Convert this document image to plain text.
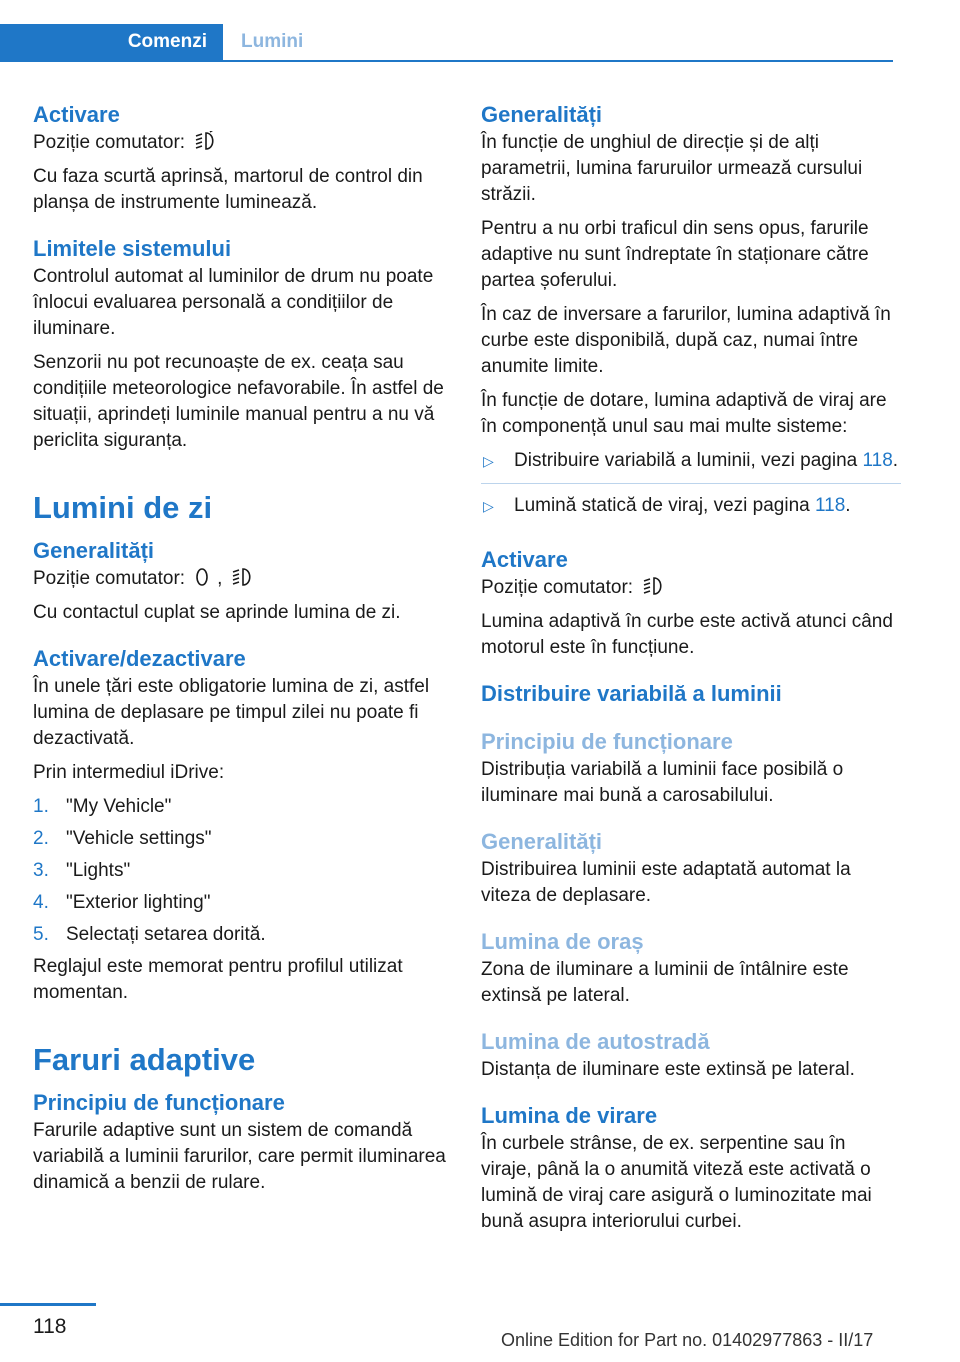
Comenzi	Lumini
Activare

Poziție comutator:

Cu faza scurtă aprinsă, martorul de control din planșa de instrumente luminează.

Limitele sistemului

Controlul automat al luminilor de drum nu poate înlocui evaluarea personală a condițiilor de iluminare.

Senzorii nu pot recunoaște de ex. ceața sau condițiile meteorologice nefavorabile. În astfel de situații, aprindeți luminile manual pentru a nu vă periclita siguranța.

Lumini de zi
Generalități

Poziție comutator: ,

Cu contactul cuplat se aprinde lumina de zi.

Activare/dezactivare

În unele țări este obligatorie lumina de zi, astfel lumina de deplasare pe timpul zilei nu poate fi dezactivată.

Prin intermediul iDrive:

1. "My Vehicle"
2. "Vehicle settings"
3. "Lights"
4. "Exterior lighting"
5. Selectați setarea dorită.

Reglajul este memorat pentru profilul utilizat momentan.

Faruri adaptive
Principiu de funcționare

Farurile adaptive sunt un sistem de comandă variabilă a luminii farurilor, care permit iluminarea dinamică a benzii de rulare.

Generalități

În funcție de unghiul de direcție și de alți parametrii, lumina faruruilor urmează cursului străzii.

Pentru a nu orbi traficul din sens opus, farurile adaptive nu sunt îndreptate în staționare către partea șoferului.

În caz de inversare a farurilor, lumina adaptivă în curbe este disponibilă, după caz, numai între anumite limite.

În funcție de dotare, lumina adaptivă de viraj are în componență unul sau mai multe sisteme:

▷ Distribuire variabilă a luminii, vezi pagina 118.
▷ Lumină statică de viraj, vezi pagina 118.
Activare

Poziție comutator:

Lumina adaptivă în curbe este activă atunci când motorul este în funcțiune.

Distribuire variabilă a luminii
Principiu de funcționare

Distribuția variabilă a luminii face posibilă o iluminare mai bună a carosabilului.

Generalități

Distribuirea luminii este adaptată automat la viteza de deplasare.

Lumina de oraș

Zona de iluminare a luminii de întâlnire este extinsă pe lateral.

Lumina de autostradă

Distanța de iluminare este extinsă pe lateral.

Lumina de virare

În curbele strânse, de ex. serpentine sau în viraje, până la o anumită viteză este activată o lumină de viraj care asigură o luminozitate mai bună asupra interiorului curbei.

118
Online Edition for Part no. 01402977863 - II/17
